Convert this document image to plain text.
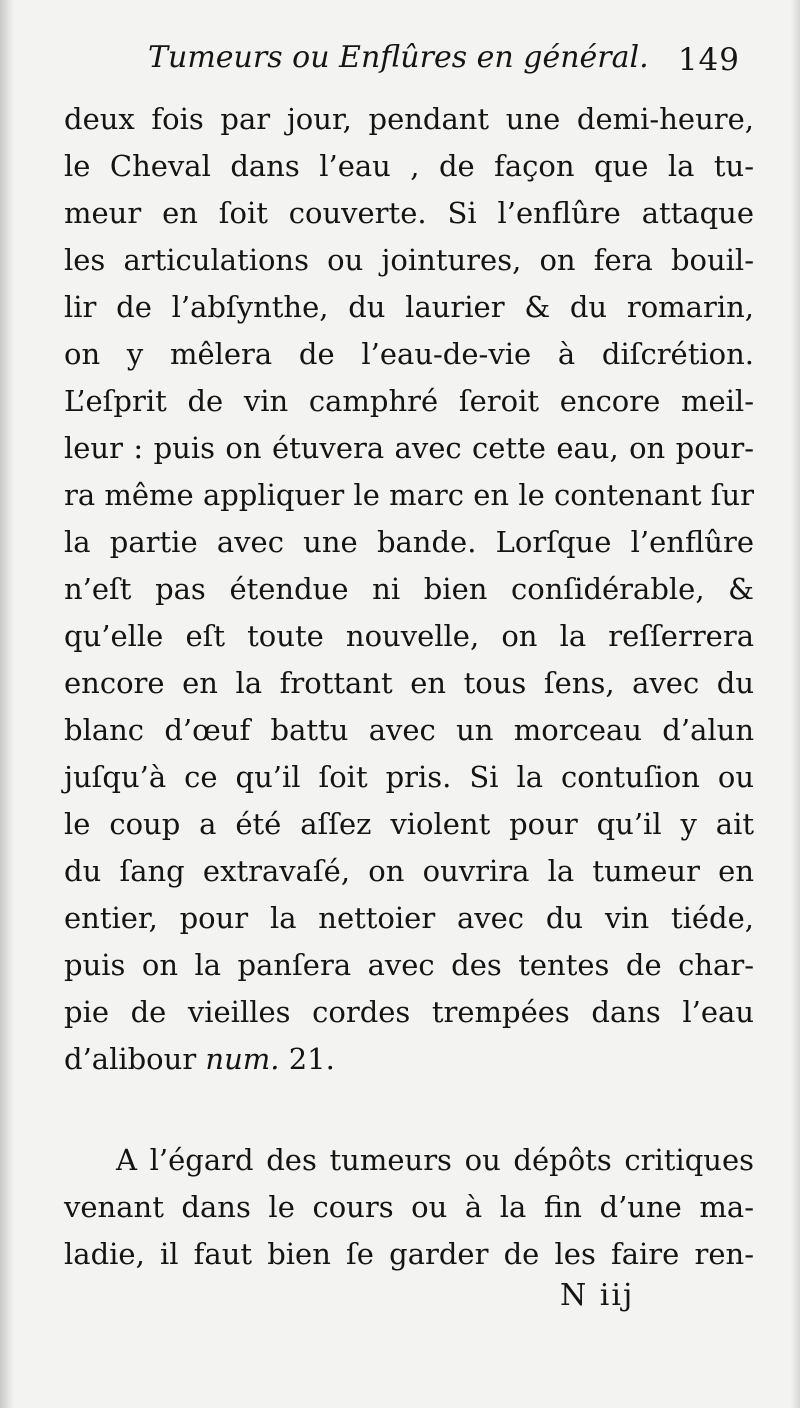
Tumeurs ou Enflûres en général. 149
deux fois par jour, pendant une demi-heure,
le Cheval dans l’eau , de façon que la tu-
meur en ſoit couverte. Si l’enflûre attaque
les articulations ou jointures, on fera bouil-
lir de l’abſynthe, du laurier & du romarin,
on y mêlera de l’eau-de-vie à diſcrétion.
L’eſprit de vin camphré ſeroit encore meil-
leur : puis on étuvera avec cette eau, on pour-
ra même appliquer le marc en le contenant ſur
la partie avec une bande. Lorſque l’enflûre
n’eſt pas étendue ni bien conſidérable, &
qu’elle eſt toute nouvelle, on la reſſerrera
encore en la frottant en tous ſens, avec du
blanc d’œuf battu avec un morceau d’alun
juſqu’à ce qu’il ſoit pris. Si la contuſion ou
le coup a été aſſez violent pour qu’il y ait
du ſang extravaſé, on ouvrira la tumeur en
entier, pour la nettoier avec du vin tiéde,
puis on la panſera avec des tentes de char-
pie de vieilles cordes trempées dans l’eau
d’alibour num. 21.
A l’égard des tumeurs ou dépôts critiques
venant dans le cours ou à la fin d’une ma-
ladie, il faut bien ſe garder de les faire ren-
N iij
